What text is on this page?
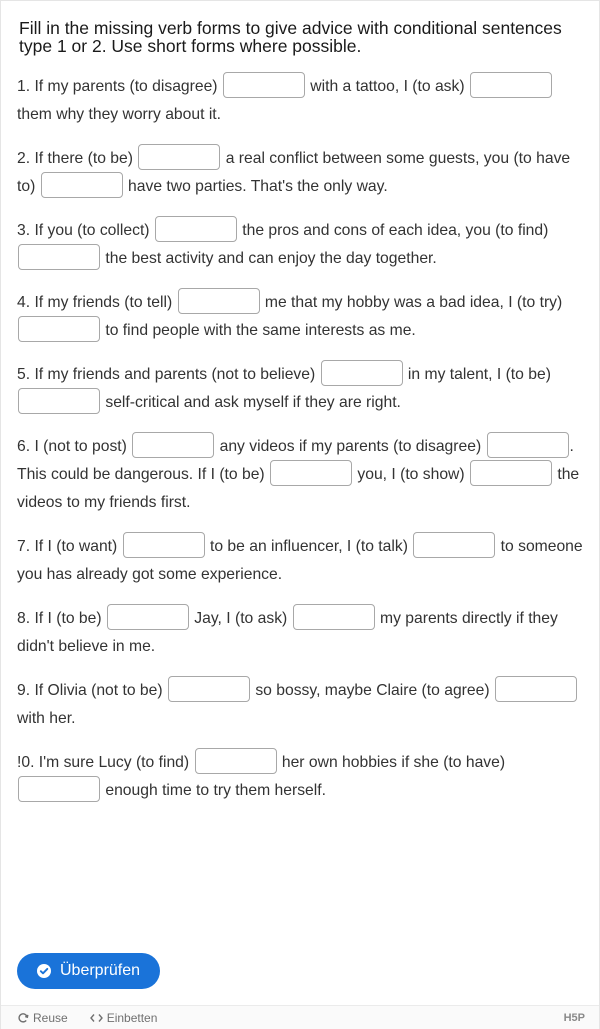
Fill in the missing verb forms to give advice with conditional sentences type 1 or 2. Use short forms where possible.
1. If my parents (to disagree)	with a tattoo, I (to ask)  them why they worry about it.
2. If there (to be)	a real conflict between some guests, you (to have to)	have two parties. That's the only way.
3. If you (to collect)	the pros and cons of each idea, you (to find)  the best activity and can enjoy the day together.
4. If my friends (to tell)	me that my hobby was a bad idea, I (to try)  to find people with the same interests as me.
5. If my friends and parents (not to believe)	in my talent, I (to be)  self-critical and ask myself if they are right.
6. I (not to post)	any videos if my parents (to disagree)	. This could be dangerous. If I (to be)	you, I (to show)	the videos to my friends first.
7. If I (to want)	to be an influencer, I (to talk)	to someone you has already got some experience.
8. If I (to be)	Jay, I (to ask)	my parents directly if they didn't believe in me.
9. If Olivia (not to be)	so bossy, maybe Claire (to agree)  with her.
!0. I'm sure Lucy (to find)	her own hobbies if she (to have)  enough time to try them herself.
Überprüfen
Reuse	Einbetten	H5P
